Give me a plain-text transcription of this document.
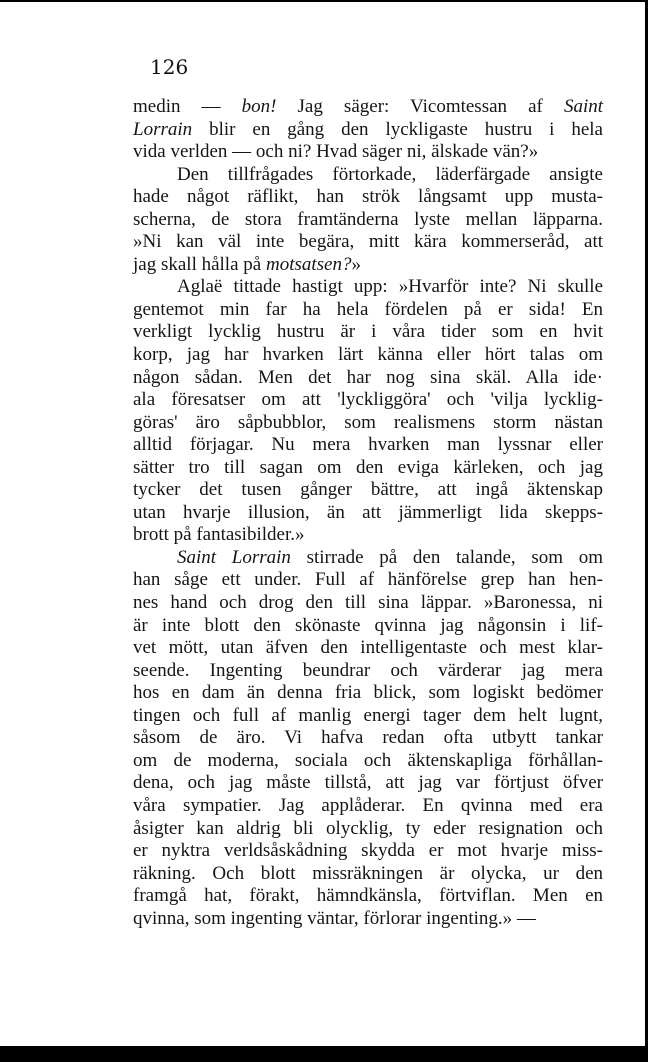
126

medin — bon! Jag säger: Vicomtessan af Saint
Lorrain blir en gång den lyckligaste hustru i hela
vida verlden — och ni? Hvad säger ni, älskade vän?»
Den tillfrågades förtorkade, läderfärgade ansigte
hade något räflikt, han strök långsamt upp musta-
scherna, de stora framtänderna lyste mellan läpparna.
»Ni kan väl inte begära, mitt kära kommerseråd, att
jag skall hålla på motsatsen?»
Aglaë tittade hastigt upp: »Hvarför inte? Ni skulle
gentemot min far ha hela fördelen på er sida! En
verkligt lycklig hustru är i våra tider som en hvit
korp, jag har hvarken lärt känna eller hört talas om
någon sådan. Men det har nog sina skäl. Alla ide·
ala föresatser om att 'lyckliggöra' och 'vilja lycklig-
göras' äro såpbubblor, som realismens storm nästan
alltid förjagar. Nu mera hvarken man lyssnar eller
sätter tro till sagan om den eviga kärleken, och jag
tycker det tusen gånger bättre, att ingå äktenskap
utan hvarje illusion, än att jämmerligt lida skepps-
brott på fantasibilder.»
Saint Lorrain stirrade på den talande, som om
han såge ett under. Full af hänförelse grep han hen-
nes hand och drog den till sina läppar. »Baronessa, ni
är inte blott den skönaste qvinna jag någonsin i lif-
vet mött, utan äfven den intelligentaste och mest klar-
seende. Ingenting beundrar och värderar jag mera
hos en dam än denna fria blick, som logiskt bedömer
tingen och full af manlig energi tager dem helt lugnt,
såsom de äro. Vi hafva redan ofta utbytt tankar
om de moderna, sociala och äktenskapliga förhållan-
dena, och jag måste tillstå, att jag var förtjust öfver
våra sympatier. Jag applåderar. En qvinna med era
åsigter kan aldrig bli olycklig, ty eder resignation och
er nyktra verldsåskådning skydda er mot hvarje miss-
räkning. Och blott missräkningen är olycka, ur den
framgå hat, förakt, hämndkänsla, förtviflan. Men en
qvinna, som ingenting väntar, förlorar ingenting.» —
